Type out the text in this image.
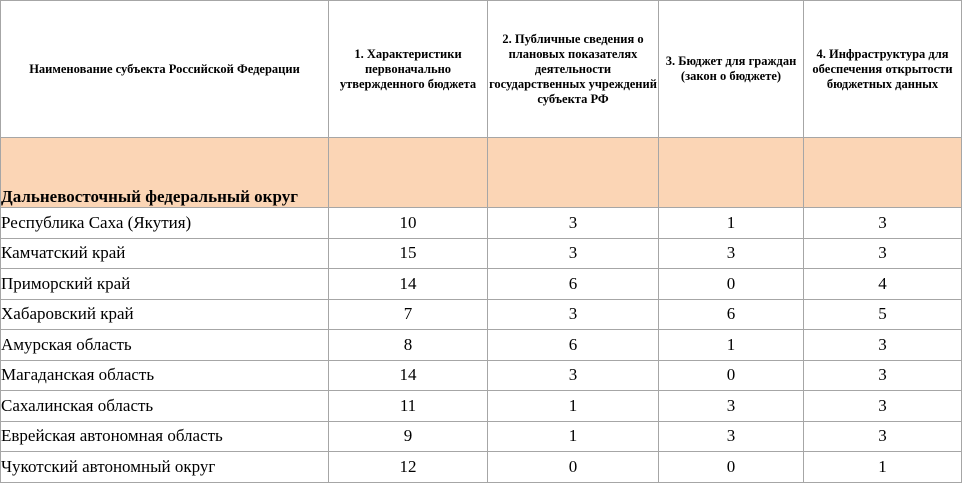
Наименование субъекта Российской Федерации	1. Характеристики первоначально утвержденного бюджета	2. Публичные сведения о плановых показателях деятельности государственных учреждений субъекта РФ	3. Бюджет для граждан (закон о бюджете)	4. Инфраструктура для обеспечения открытости бюджетных данных
Дальневосточный федеральный округ				
Республика Саха (Якутия)	10	3	1	3
Камчатский край	15	3	3	3
Приморский край	14	6	0	4
Хабаровский край	7	3	6	5
Амурская область	8	6	1	3
Магаданская область	14	3	0	3
Сахалинская область	11	1	3	3
Еврейская автономная область	9	1	3	3
Чукотский автономный округ	12	0	0	1
